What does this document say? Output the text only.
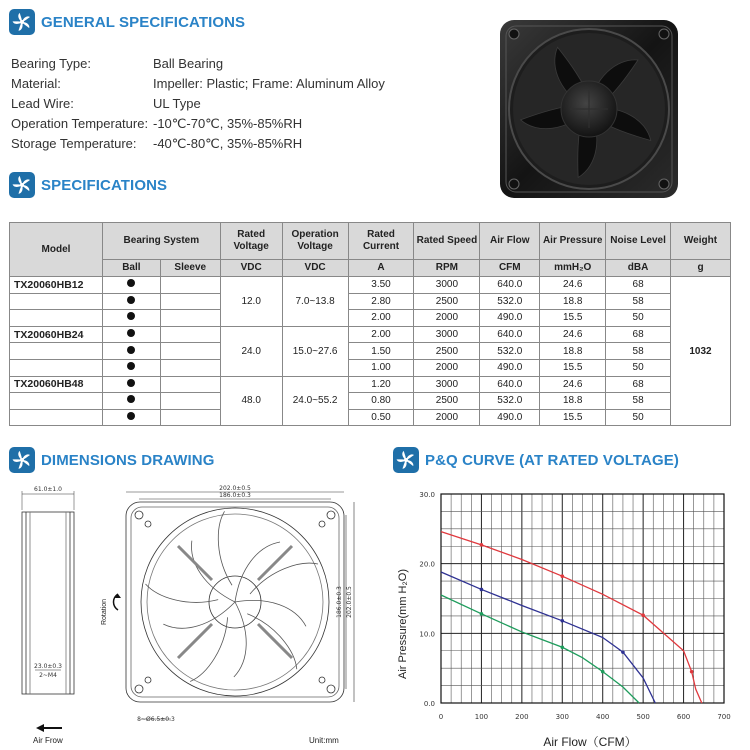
GENERAL SPECIFICATIONS
Bearing Type:	Ball Bearing
Material:	Impeller: Plastic; Frame: Aluminum Alloy
Lead Wire:	UL Type
Operation Temperature: -10℃-70℃, 35%-85%RH
Storage Temperature:	-40℃-80℃, 35%-85%RH
SPECIFICATIONS
Model	Bearing System		Rated Voltage	Operation Voltage	Rated Current	Rated Speed	Air Flow	Air Pressure	Noise Level	Weight
	Ball	Sleeve	VDC	VDC	A	RPM	CFM	mmH₂O	dBA	g
TX20060HB12			12.0	7.0~13.8	3.50	3000	640.0	24.6	68	1032
					2.80	2500	532.0	18.8	58	
					2.00	2000	490.0	15.5	50	
TX20060HB24			24.0	15.0~27.6	2.00	3000	640.0	24.6	68	
					1.50	2500	532.0	18.8	58	
					1.00	2000	490.0	15.5	50	
TX20060HB48			48.0	24.0~55.2	1.20	3000	640.0	24.6	68	
					0.80	2500	532.0	18.8	58	
					0.50	2000	490.0	15.5	50	
DIMENSIONS DRAWING
61.0±1.0
23.0±0.3
2~M4
202.0±0.5
186.0±0.3
186.0±0.3 202.0±0.5
8~Ø6.5±0.3
Rotation
Air Frow	Unit:mm
P&Q CURVE (AT RATED VOLTAGE)
0	100	200	300	400	500	600	700
0.0
10.0
20.0
30.0
Air Flow（CFM）
Air Pressure(mm H₂O)
